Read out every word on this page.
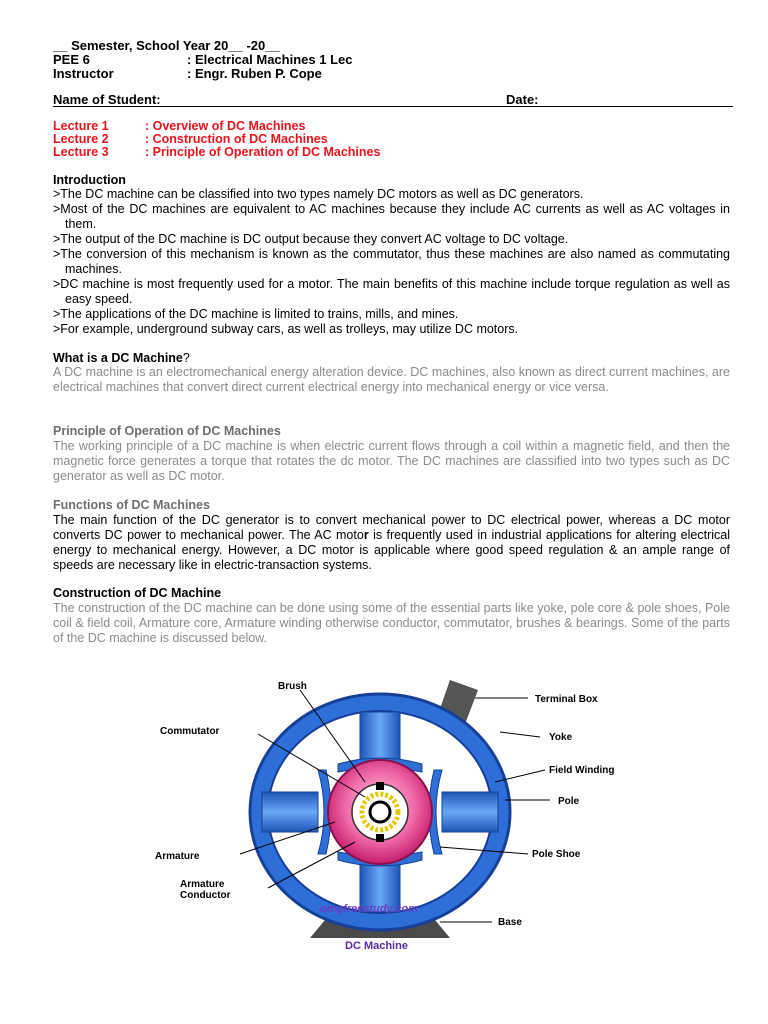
__ Semester, School Year 20__ -20__
PEE 6	: Electrical Machines 1 Lec
Instructor	: Engr. Ruben P. Cope
Name of Student:	Date:
Lecture 1	: Overview of DC Machines
Lecture 2	: Construction of DC Machines
Lecture 3	: Principle of Operation of DC Machines
Introduction

>The DC machine can be classified into two types namely DC motors as well as DC generators.

>Most of the DC machines are equivalent to AC machines because they include AC currents as well as AC voltages in them.

>The output of the DC machine is DC output because they convert AC voltage to DC voltage.

>The conversion of this mechanism is known as the commutator, thus these machines are also named as commutating machines.

>DC machine is most frequently used for a motor. The main benefits of this machine include torque regulation as well as easy speed.

>The applications of the DC machine is limited to trains, mills, and mines.

>For example, underground subway cars, as well as trolleys, may utilize DC motors.

What is a DC Machine?
A DC machine is an electromechanical energy alteration device. DC machines, also known as direct current machines, are electrical machines that convert direct current electrical energy into mechanical energy or vice versa.
Principle of Operation of DC Machines
The working principle of a DC machine is when electric current flows through a coil within a magnetic field, and then the magnetic force generates a torque that rotates the dc motor. The DC machines are classified into two types such as DC generator as well as DC motor.
Functions of DC Machines
The main function of the DC generator is to convert mechanical power to DC electrical power, whereas a DC motor converts DC power to mechanical power. The AC motor is frequently used in industrial applications for altering electrical energy to mechanical energy. However, a DC motor is applicable where good speed regulation & an ample range of speeds are necessary like in electric-transaction systems.
Construction of DC Machine
The construction of the DC machine can be done using some of the essential parts like yoke, pole core & pole shoes, Pole coil & field coil, Armature core, Armature winding otherwise conductor, commutator, brushes & bearings. Some of the parts of the DC machine is discussed below.
Brush
Terminal Box
Commutator
Yoke
Field Winding
Pole
Armature	Pole Shoe
Armature
Conductor
Base
omgfreestudy.com
DC Machine
